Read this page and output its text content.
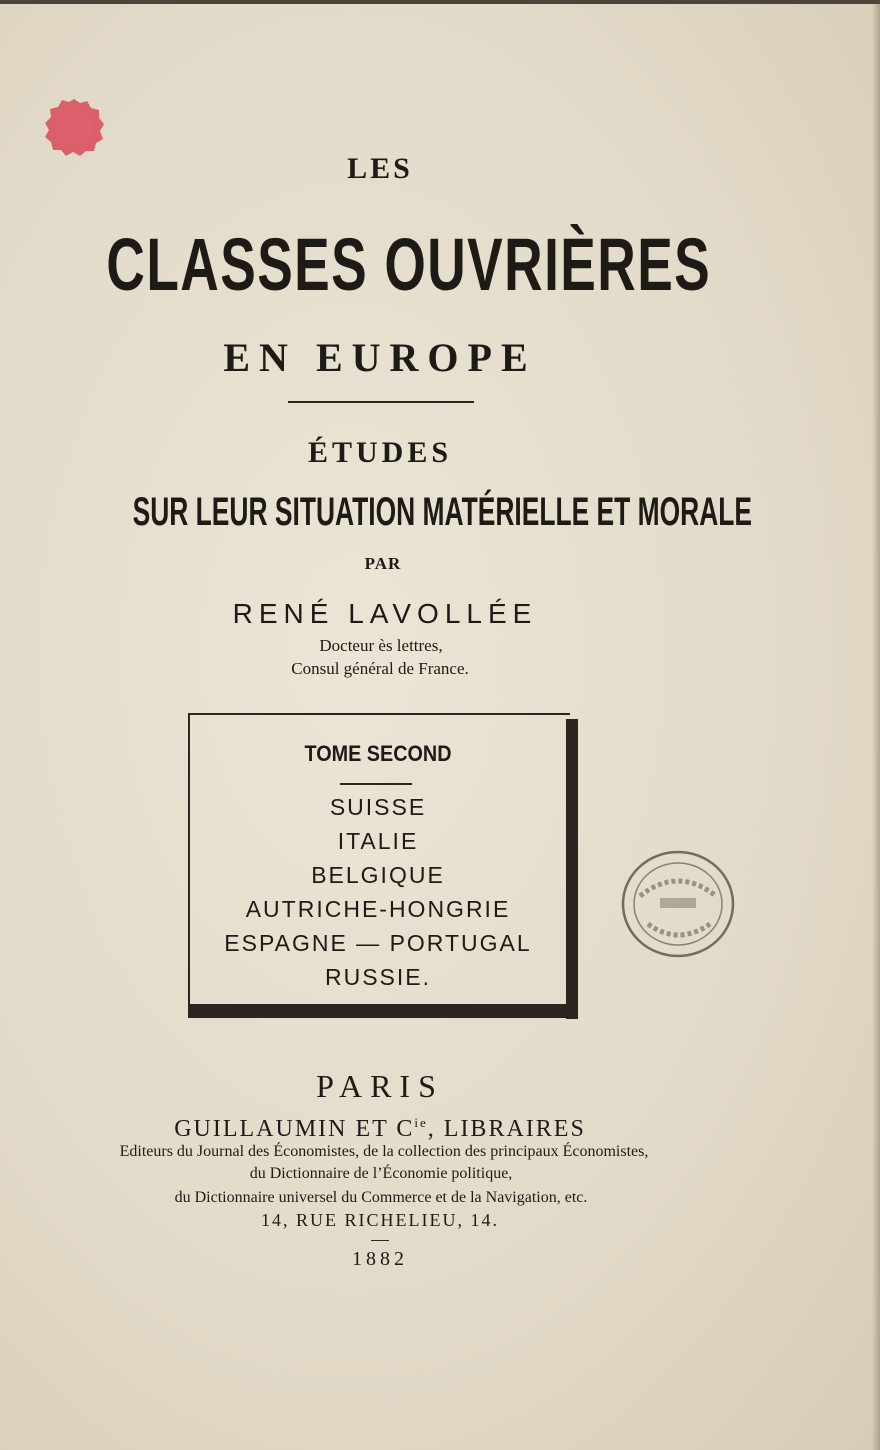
LES
CLASSES OUVRIÈRES
EN EUROPE
ÉTUDES
SUR LEUR SITUATION MATÉRIELLE ET MORALE
PAR
RENÉ LAVOLLÉE
Docteur ès lettres,
Consul général de France.
TOME SECOND
SUISSE
ITALIE
BELGIQUE
AUTRICHE-HONGRIE
ESPAGNE — PORTUGAL
RUSSIE.
PARIS
GUILLAUMIN ET $C^{ie}$, LIBRAIRES
Editeurs du Journal des Économistes, de la collection des principaux Économistes,
du Dictionnaire de l’Économie politique,
du Dictionnaire universel du Commerce et de la Navigation, etc.
14, RUE RICHELIEU, 14.
1882
